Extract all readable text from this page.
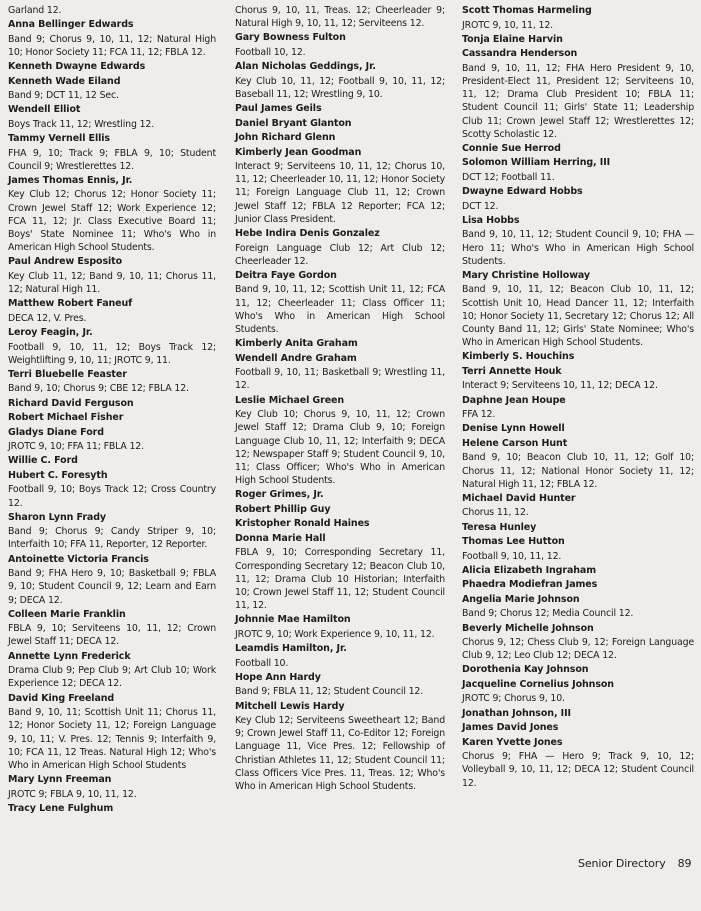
Garland 12.
Anna Bellinger Edwards
Band 9; Chorus 9, 10, 11, 12; Natural High 10; Honor Society 11; FCA 11, 12; FBLA 12.
Kenneth Dwayne Edwards
Kenneth Wade Eiland
Band 9; DCT 11, 12 Sec.
Wendell Elliot
Boys Track 11, 12; Wrestling 12.
Tammy Vernell Ellis
FHA 9, 10; Track 9; FBLA 9, 10; Student Council 9; Wrestlerettes 12.
James Thomas Ennis, Jr.
Key Club 12; Chorus 12; Honor Society 11; Crown Jewel Staff 12; Work Experience 12; FCA 11, 12; Jr. Class Executive Board 11; Boys' State Nominee 11; Who's Who in American High School Students.
Paul Andrew Esposito
Key Club 11, 12; Band 9, 10, 11; Chorus 11, 12; Natural High 11.
Matthew Robert Faneuf
DECA 12, V. Pres.
Leroy Feagin, Jr.
Football 9, 10, 11, 12; Boys Track 12; Weightlifting 9, 10, 11; JROTC 9, 11.
Terri Bluebelle Feaster
Band 9, 10; Chorus 9; CBE 12; FBLA 12.
Richard David Ferguson
Robert Michael Fisher
Gladys Diane Ford
JROTC 9, 10; FFA 11; FBLA 12.
Willie C. Ford
Hubert C. Foresyth
Football 9, 10; Boys Track 12; Cross Country 12.
Sharon Lynn Frady
Band 9; Chorus 9; Candy Striper 9, 10; Interfaith 10; FFA 11, Reporter, 12 Reporter.
Antoinette Victoria Francis
Band 9; FHA Hero 9, 10; Basketball 9; FBLA 9, 10; Student Council 9, 12; Learn and Earn 9; DECA 12.
Colleen Marie Franklin
FBLA 9, 10; Serviteens 10, 11, 12; Crown Jewel Staff 11; DECA 12.
Annette Lynn Frederick
Drama Club 9; Pep Club 9; Art Club 10; Work Experience 12; DECA 12.
David King Freeland
Band 9, 10, 11; Scottish Unit 11; Chorus 11, 12; Honor Society 11, 12; Foreign Language 9, 10, 11; V. Pres. 12; Tennis 9; Interfaith 9, 10; FCA 11, 12 Treas. Natural High 12; Who's Who in American High School Students
Mary Lynn Freeman
JROTC 9; FBLA 9, 10, 11, 12.
Tracy Lene Fulghum
Chorus 9, 10, 11, Treas. 12; Cheerleader 9; Natural High 9, 10, 11, 12; Serviteens 12.
Gary Bowness Fulton
Football 10, 12.
Alan Nicholas Geddings, Jr.
Key Club 10, 11, 12; Football 9, 10, 11, 12; Baseball 11, 12; Wrestling 9, 10.
Paul James Geils
Daniel Bryant Glanton
John Richard Glenn
Kimberly Jean Goodman
Interact 9; Serviteens 10, 11, 12; Chorus 10, 11, 12; Cheerleader 10, 11, 12; Honor Society 11; Foreign Language Club 11, 12; Crown Jewel Staff 12; FBLA 12 Reporter; FCA 12; Junior Class President.
Hebe Indira Denis Gonzalez
Foreign Language Club 12; Art Club 12; Cheerleader 12.
Deitra Faye Gordon
Band 9, 10, 11, 12; Scottish Unit 11, 12; FCA 11, 12; Cheerleader 11; Class Officer 11; Who's Who in American High School Students.
Kimberly Anita Graham
Wendell Andre Graham
Football 9, 10, 11; Basketball 9; Wrestling 11, 12.
Leslie Michael Green
Key Club 10; Chorus 9, 10, 11, 12; Crown Jewel Staff 12; Drama Club 9, 10; Foreign Language Club 10, 11, 12; Interfaith 9; DECA 12; Newspaper Staff 9; Student Council 9, 10, 11; Class Officer; Who's Who in American High School Students.
Roger Grimes, Jr.
Robert Phillip Guy
Kristopher Ronald Haines
Donna Marie Hall
FBLA 9, 10; Corresponding Secretary 11, Corresponding Secretary 12; Beacon Club 10, 11, 12; Drama Club 10 Historian; Interfaith 10; Crown Jewel Staff 11, 12; Student Council 11, 12.
Johnnie Mae Hamilton
JROTC 9, 10; Work Experience 9, 10, 11, 12.
Leamdis Hamilton, Jr.
Football 10.
Hope Ann Hardy
Band 9; FBLA 11, 12; Student Council 12.
Mitchell Lewis Hardy
Key Club 12; Serviteens Sweetheart 12; Band 9; Crown Jewel Staff 11, Co-Editor 12; Foreign Language 11, Vice Pres. 12; Fellowship of Christian Athletes 11, 12; Student Council 11; Class Officers Vice Pres. 11, Treas. 12; Who's Who in American High School Students.
Scott Thomas Harmeling
JROTC 9, 10, 11, 12.
Tonja Elaine Harvin
Cassandra Henderson
Band 9, 10, 11, 12; FHA Hero President 9, 10, President-Elect 11, President 12; Serviteens 10, 11, 12; Drama Club President 10; FBLA 11; Student Council 11; Girls' State 11; Leadership Club 11; Crown Jewel Staff 12; Wrestlerettes 12; Scotty Scholastic 12.
Connie Sue Herrod
Solomon William Herring, III
DCT 12; Football 11.
Dwayne Edward Hobbs
DCT 12.
Lisa Hobbs
Band 9, 10, 11, 12; Student Council 9, 10; FHA — Hero 11; Who's Who in American High School Students.
Mary Christine Holloway
Band 9, 10, 11, 12; Beacon Club 10, 11, 12; Scottish Unit 10, Head Dancer 11, 12; Interfaith 10; Honor Society 11, Secretary 12; Chorus 12; All County Band 11, 12; Girls' State Nominee; Who's Who in American High School Students.
Kimberly S. Houchins
Terri Annette Houk
Interact 9; Serviteens 10, 11, 12; DECA 12.
Daphne Jean Houpe
FFA 12.
Denise Lynn Howell
Helene Carson Hunt
Band 9, 10; Beacon Club 10, 11, 12; Golf 10; Chorus 11, 12; National Honor Society 11, 12; Natural High 11, 12; FBLA 12.
Michael David Hunter
Chorus 11, 12.
Teresa Hunley
Thomas Lee Hutton
Football 9, 10, 11, 12.
Alicia Elizabeth Ingraham
Phaedra Modiefran James
Angelia Marie Johnson
Band 9; Chorus 12; Media Council 12.
Beverly Michelle Johnson
Chorus 9, 12; Chess Club 9, 12; Foreign Language Club 9, 12; Leo Club 12; DECA 12.
Dorothenia Kay Johnson
Jacqueline Cornelius Johnson
JROTC 9; Chorus 9, 10.
Jonathan Johnson, III
James David Jones
Karen Yvette Jones
Chorus 9; FHA — Hero 9; Track 9, 10, 12; Volleyball 9, 10, 11, 12; DECA 12; Student Council 12.
Senior Directory 89
